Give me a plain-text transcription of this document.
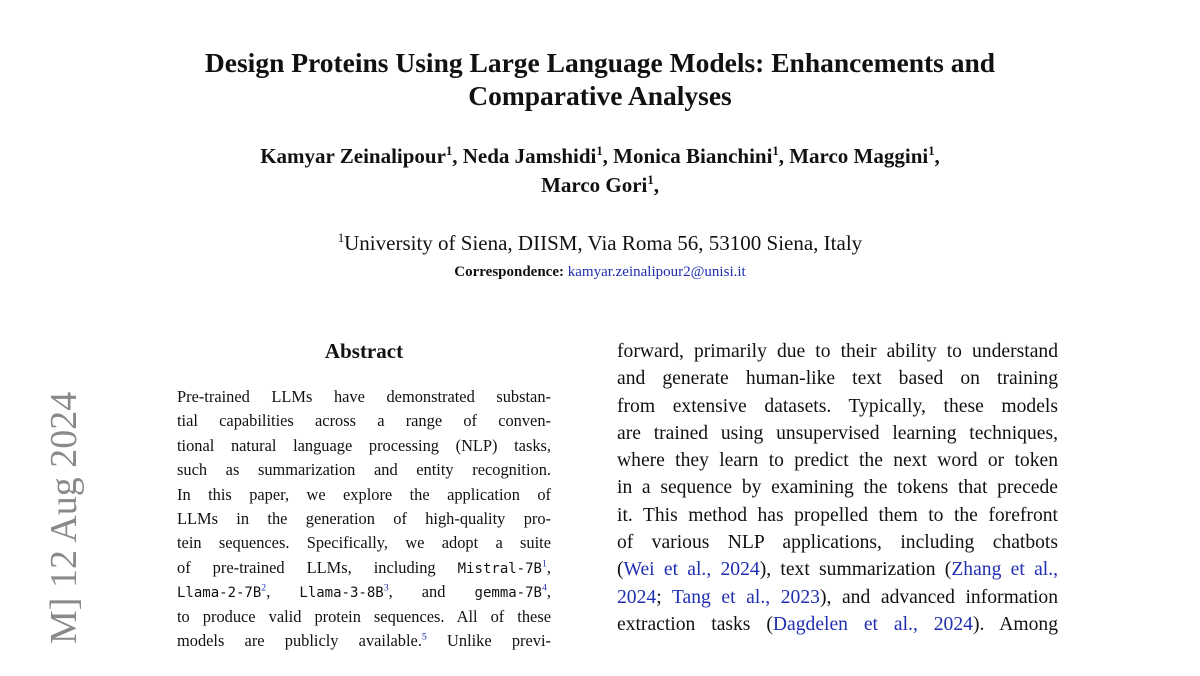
M] 12 Aug 2024
Design Proteins Using Large Language Models: Enhancements and
Comparative Analyses
Kamyar Zeinalipour$^1$, Neda Jamshidi$^1$, Monica Bianchini$^1$, Marco Maggini$^1$,
Marco Gori$^1$,
$^1$University of Siena, DIISM, Via Roma 56, 53100 Siena, Italy
Correspondence: kamyar.zeinalipour2@unisi.it
Abstract
Pre-trained LLMs have demonstrated substan-
tial capabilities across a range of conven-
tional natural language processing (NLP) tasks,
such as summarization and entity recognition.
In this paper, we explore the application of
LLMs in the generation of high-quality pro-
tein sequences. Specifically, we adopt a suite
of pre-trained LLMs, including Mistral-7B$^1$,
Llama-2-7B$^2$, Llama-3-8B$^3$, and gemma-7B$^4$,
to produce valid protein sequences. All of these
models are publicly available.$^5$ Unlike previ-
forward, primarily due to their ability to understand
and generate human-like text based on training
from extensive datasets. Typically, these models
are trained using unsupervised learning techniques,
where they learn to predict the next word or token
in a sequence by examining the tokens that precede
it. This method has propelled them to the forefront
of various NLP applications, including chatbots
(Wei et al., 2024), text summarization (Zhang et al.,
2024; Tang et al., 2023), and advanced information
extraction tasks (Dagdelen et al., 2024). Among
